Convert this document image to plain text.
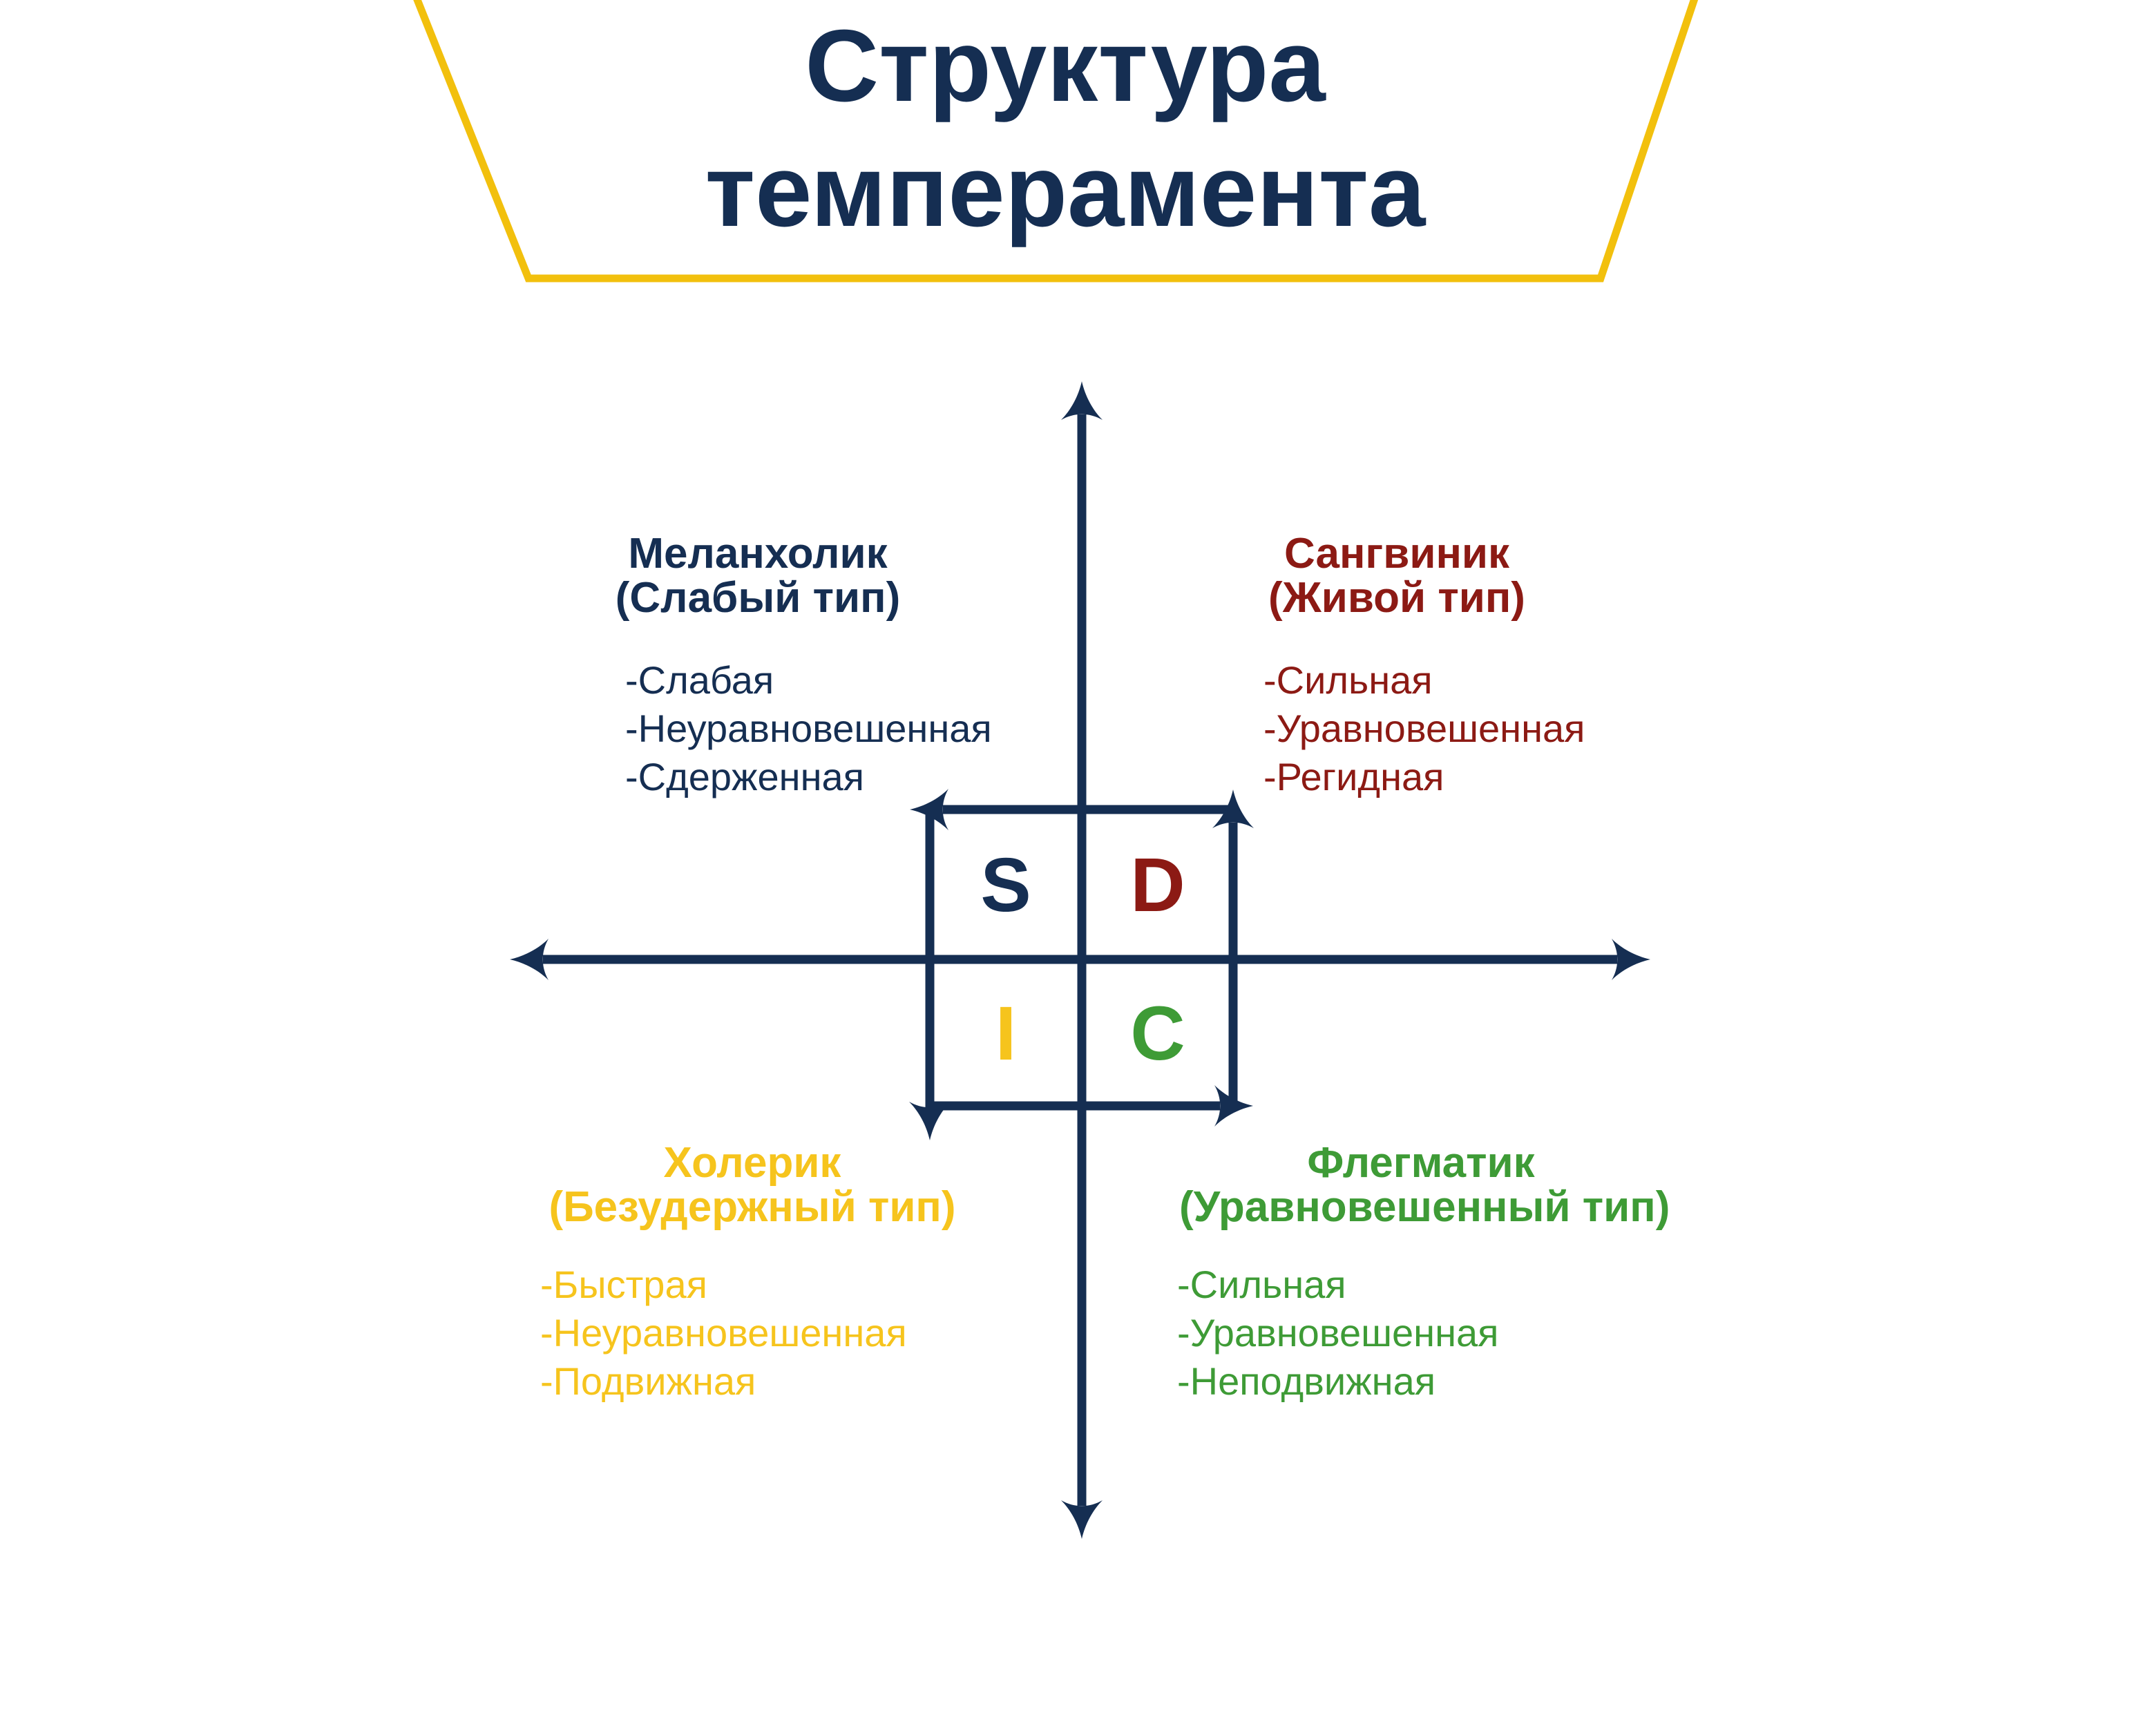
Структура
темперамента
Меланхолик
(Слабый тип)
-Слабая
-Неуравновешенная
-Сдерженная
Сангвиник
(Живой тип)
-Сильная
-Уравновешенная
-Регидная
Холерик
(Безудержный тип)
-Быстрая
-Неуравновешенная
-Подвижная
Флегматик
(Уравновешенный тип)
-Сильная
-Уравновешенная
-Неподвижная
S D
I	C
